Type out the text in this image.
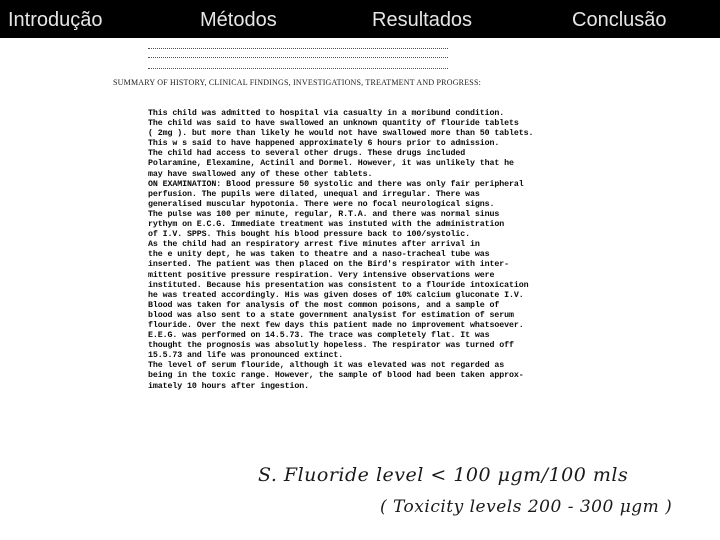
Introdução	Métodos	Resultados	Conclusão
SUMMARY OF HISTORY, CLINICAL FINDINGS, INVESTIGATIONS, TREATMENT AND PROGRESS:
This child was admitted to hospital via casualty in a moribund condition.
The child was said to have swallowed an unknown quantity of flouride tablets
( 2mg ). but more than likely he would not have swallowed more than 50 tablets.
This w s said to have happened approximately 6 hours prior to admission.
The child had access to several other drugs. These drugs included
Polaramine, Elexamine, Actinil and Dormel. However, it was unlikely that he
may have swallowed any of these other tablets.
ON EXAMINATION: Blood pressure 50 systolic and there was only fair peripheral
perfusion. The pupils were dilated, unequal and irregular. There was
generalised muscular hypotonia. There were no focal neurological signs.
The pulse was 100 per minute, regular, R.T.A. and there was normal sinus
rythym on E.C.G. Immediate treatment was instuted with the administration
of I.V. SPPS. This bought his blood pressure back to 100/systolic.
As the child had an respiratory arrest five minutes after arrival in
the e unity dept, he was taken to theatre and a naso-tracheal tube was
inserted. The patient was then placed on the Bird's respirator with inter-
mittent positive pressure respiration. Very intensive observations were
instituted. Because his presentation was consistent to a flouride intoxication
he was treated accordingly. His was given doses of 10% calcium gluconate I.V.
Blood was taken for analysis of the most common poisons, and a sample of
blood was also sent to a state government analysist for estimation of serum
flouride. Over the next few days this patient made no improvement whatsoever.
E.E.G. was performed on 14.5.73. The trace was completely flat. It was
thought the prognosis was absolutly hopeless. The respirator was turned off
15.5.73 and life was pronounced extinct.
The level of serum flouride, although it was elevated was not regarded as
being in the toxic range. However, the sample of blood had been taken approx-
imately 10 hours after ingestion.
S. Fluoride level < 100 μgm/100 mls
( Toxicity levels 200 - 300 μgm )
